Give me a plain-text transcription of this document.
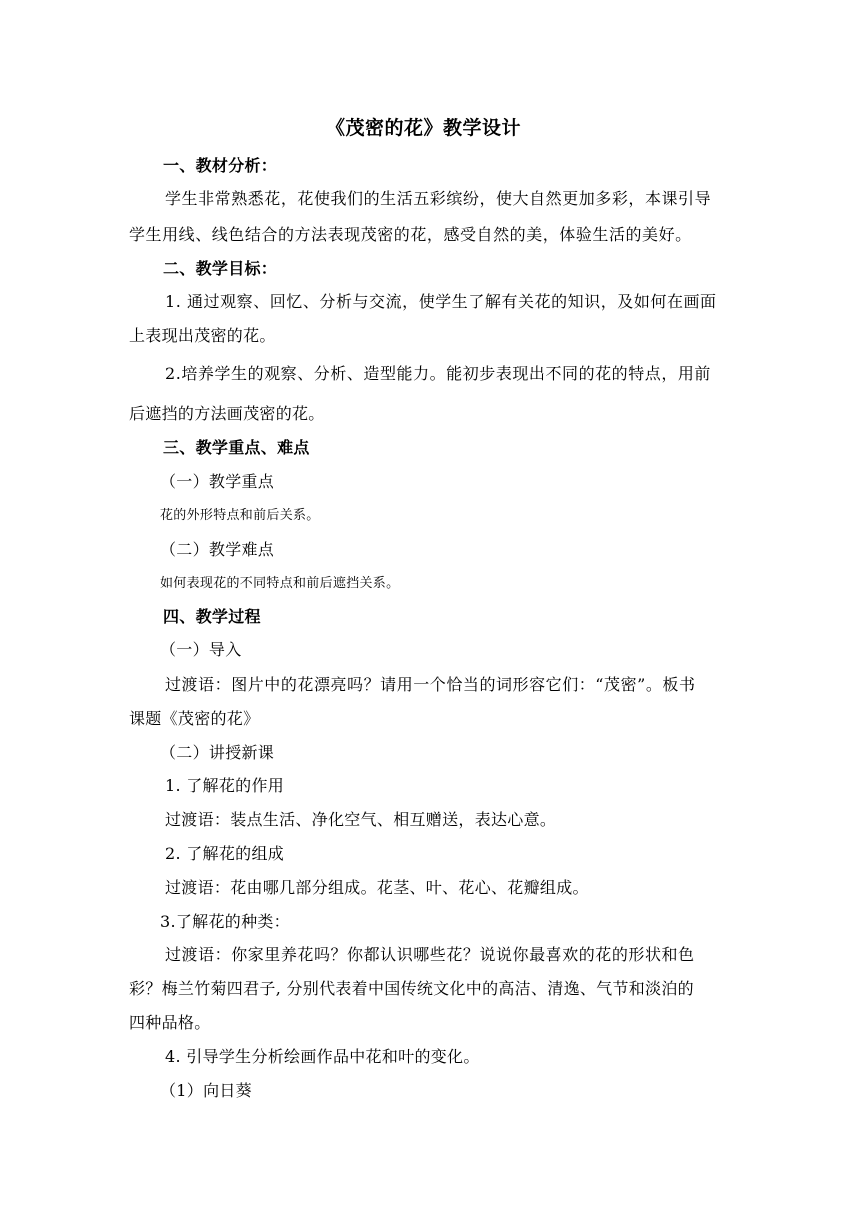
《茂密的花》教学设计
一、教材分析：
学生非常熟悉花，花使我们的生活五彩缤纷，使大自然更加多彩，本课引导
学生用线、线色结合的方法表现茂密的花，感受自然的美，体验生活的美好。
二、教学目标：
1. 通过观察、回忆、分析与交流，使学生了解有关花的知识，及如何在画面
上表现出茂密的花。
2.培养学生的观察、分析、造型能力。能初步表现出不同的花的特点，用前
后遮挡的方法画茂密的花。
三、教学重点、难点
（一）教学重点
花的外形特点和前后关系。
（二）教学难点
如何表现花的不同特点和前后遮挡关系。
四、教学过程
（一）导入
过渡语：图片中的花漂亮吗？请用一个恰当的词形容它们：“茂密”。板书
课题《茂密的花》
（二）讲授新课
1. 了解花的作用
过渡语：装点生活、净化空气、相互赠送，表达心意。
2. 了解花的组成
过渡语：花由哪几部分组成。花茎、叶、花心、花瓣组成。
3.了解花的种类：
过渡语：你家里养花吗？你都认识哪些花？说说你最喜欢的花的形状和色
彩？梅兰竹菊四君子, 分别代表着中国传统文化中的高洁、清逸、气节和淡泊的
四种品格。
4. 引导学生分析绘画作品中花和叶的变化。
（1）向日葵
